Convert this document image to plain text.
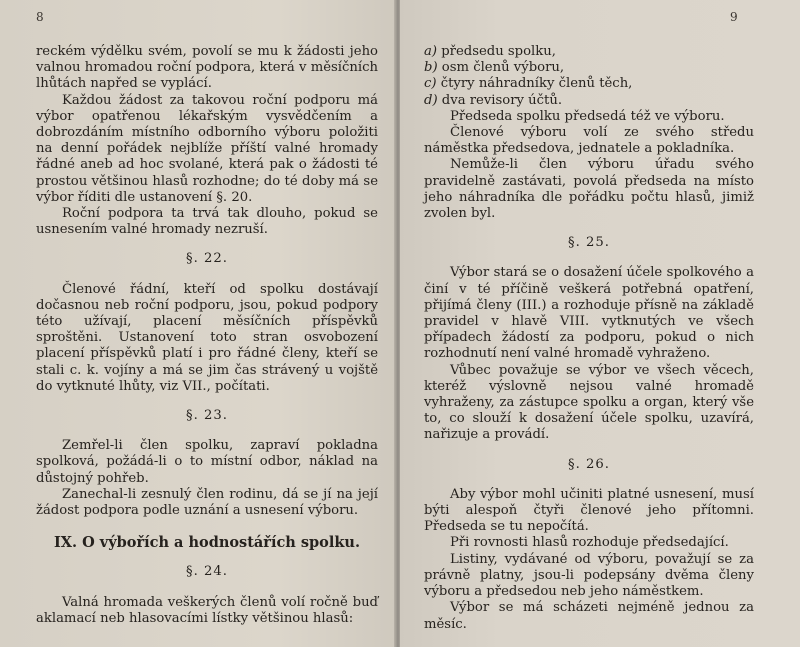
8

reckém výdělku svém, povolí se mu k žádosti jeho valnou hromadou roční podpora, která v měsíčních lhůtách napřed se vyplácí.

Každou žádost za takovou roční podporu má výbor opatřenou lékařským vysvědčením a dobrozdáním místního odborního výboru položiti na denní pořádek nejblíže příští valné hromady řádné aneb ad hoc svolané, která pak o žádosti té prostou většinou hlasů rozhodne; do té doby má se výbor říditi dle ustanovení §. 20.

Roční podpora ta trvá tak dlouho, pokud se usnesením valné hromady nezruší.

§. 22.

Členové řádní, kteří od spolku dostávají dočasnou neb roční podporu, jsou, pokud podpory této užívají, placení měsíčních příspěvků sproštěni. Ustanovení toto stran osvobození placení příspěvků platí i pro řádné členy, kteří se stali c. k. vojíny a má se jim čas strávený u vojště do vytknuté lhůty, viz VII., počítati.

§. 23.

Zemřel-li člen spolku, zapraví pokladna spolková, požádá-li o to místní odbor, náklad na důstojný pohřeb.

Zanechal-li zesnulý člen rodinu, dá se jí na její žádost podpora podle uznání a usnesení výboru.

IX. O výbořích a hodnostářích spolku.
§. 24.

Valná hromada veškerých členů volí ročně buď aklamací neb hlasovacími lístky většinou hlasů:

9

a) předsedu spolku,

b) osm členů výboru,

c) čtyry náhradníky členů těch,

d) dva revisory účtů.

Předseda spolku předsedá též ve výboru.

Členové výboru volí ze svého středu náměstka předsedova, jednatele a pokladníka.

Nemůže-li člen výboru úřadu svého pravidelně zastávati, povolá předseda na místo jeho náhradníka dle pořádku počtu hlasů, jimiž zvolen byl.

§. 25.

Výbor stará se o dosažení účele spolkového a činí v té příčině veškerá potřebná opatření, přijímá členy (III.) a rozhoduje přísně na základě pravidel v hlavě VIII. vytknutých ve všech případech žádostí za podporu, pokud o nich rozhodnutí není valné hromadě vyhraženo.

Vůbec považuje se výbor ve všech věcech, kteréž výslovně nejsou valné hromadě vyhraženy, za zástupce spolku a organ, který vše to, co slouží k dosažení účele spolku, uzavírá, nařizuje a provádí.

§. 26.

Aby výbor mohl učiniti platné usnesení, musí býti alespoň čtyři členové jeho přítomni. Předseda se tu nepočítá.

Při rovnosti hlasů rozhoduje předsedající.

Listiny, vydávané od výboru, považují se za právně platny, jsou-li podepsány dvěma členy výboru a předsedou neb jeho náměstkem.

Výbor se má scházeti nejméně jednou za měsíc.
